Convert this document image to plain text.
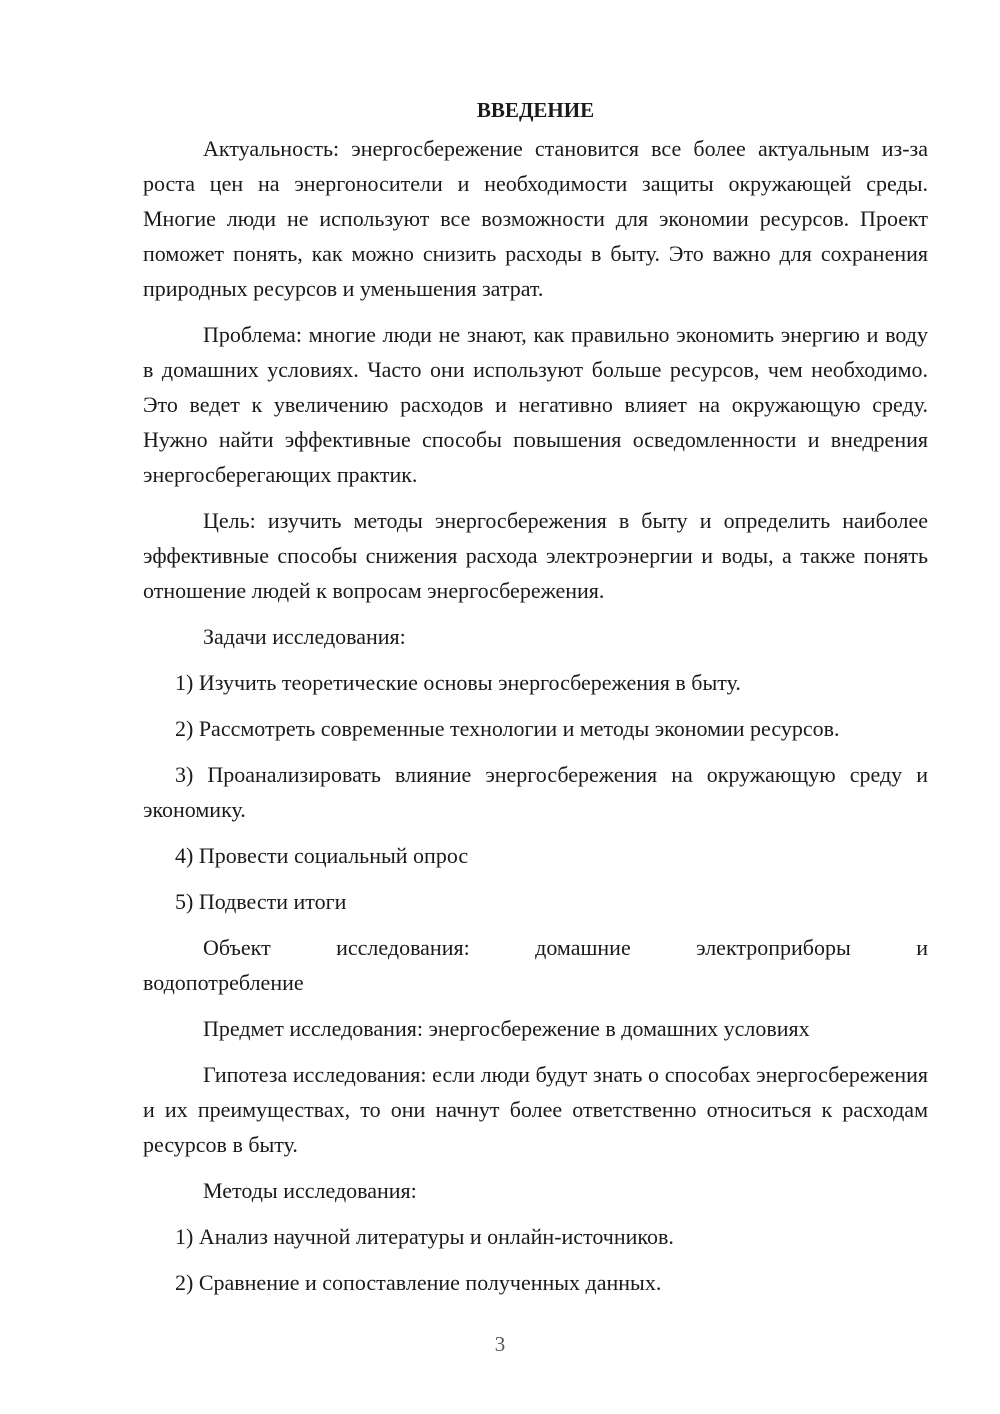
ВВЕДЕНИЕ

Актуальность: энергосбережение становится все более актуальным из-за роста цен на энергоносители и необходимости защиты окружающей среды. Многие люди не используют все возможности для экономии ресурсов. Проект поможет понять, как можно снизить расходы в быту. Это важно для сохранения природных ресурсов и уменьшения затрат.

Проблема: многие люди не знают, как правильно экономить энергию и воду в домашних условиях. Часто они используют больше ресурсов, чем необходимо. Это ведет к увеличению расходов и негативно влияет на окружающую среду. Нужно найти эффективные способы повышения осведомленности и внедрения энергосберегающих практик.

Цель: изучить методы энергосбережения в быту и определить наиболее эффективные способы снижения расхода электроэнергии и воды, а также понять отношение людей к вопросам энергосбережения.

Задачи исследования:
1) Изучить теоретические основы энергосбережения в быту.
2) Рассмотреть современные технологии и методы экономии ресурсов.

3) Проанализировать влияние энергосбережения на окружающую среду и экономику.

4) Провести социальный опрос
5) Подвести итоги
Объект	исследования:	домашние	электроприборы	и
водопотребление
Предмет исследования: энергосбережение в домашних условиях

Гипотеза исследования: если люди будут знать о способах энергосбережения и их преимуществах, то они начнут более ответственно относиться к расходам ресурсов в быту.

Методы исследования:
1) Анализ научной литературы и онлайн-источников.
2) Сравнение и сопоставление полученных данных.
3
